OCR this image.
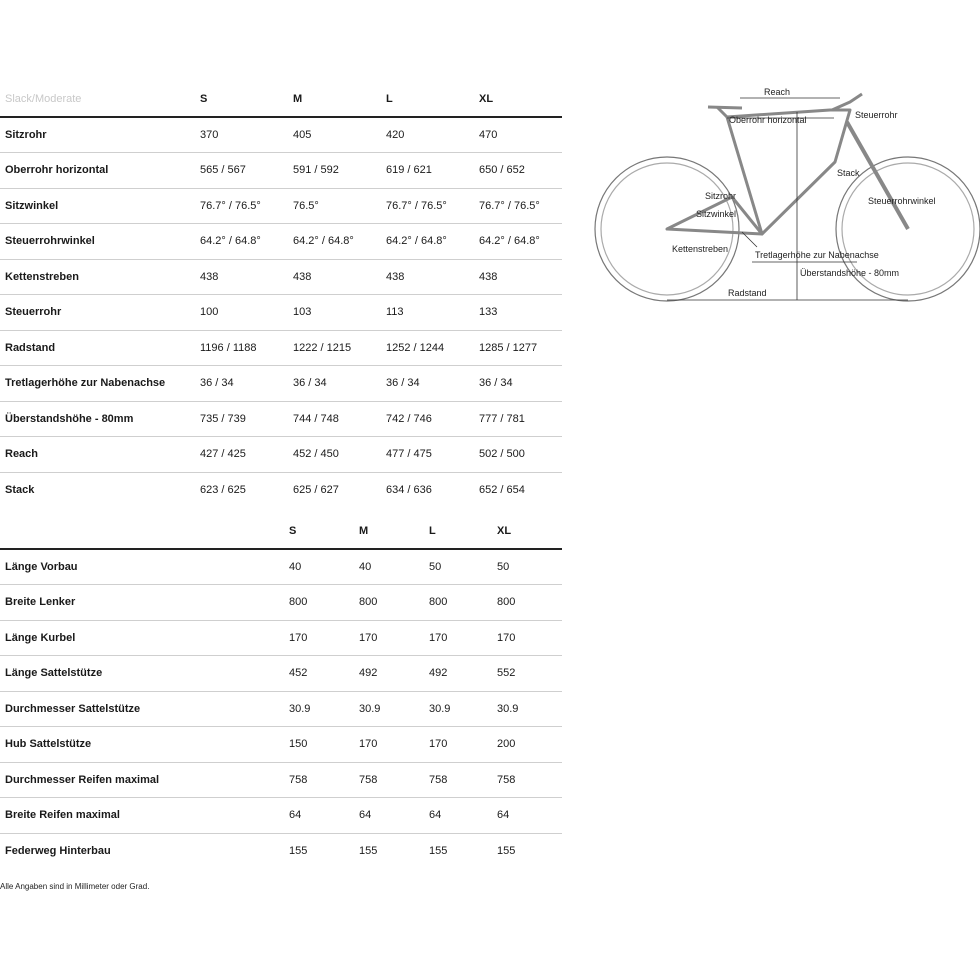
Slack/Moderate	S	M	L	XL
Sitzrohr	370	405	420	470
Oberrohr horizontal	565 / 567	591 / 592	619 / 621	650 / 652
Sitzwinkel	76.7° / 76.5°	76.5°	76.7° / 76.5°	76.7° / 76.5°
Steuerrohrwinkel	64.2° / 64.8°	64.2° / 64.8°	64.2° / 64.8°	64.2° / 64.8°
Kettenstreben	438	438	438	438
Steuerrohr	100	103	113	133
Radstand	1196 / 1188	1222 / 1215	1252 / 1244	1285 / 1277
Tretlagerhöhe zur Nabenachse	36 / 34	36 / 34	36 / 34	36 / 34
Überstandshöhe - 80mm	735 / 739	744 / 748	742 / 746	777 / 781
Reach	427 / 425	452 / 450	477 / 475	502 / 500
Stack	623 / 625	625 / 627	634 / 636	652 / 654
	S	M	L	XL
Länge Vorbau	40	40	50	50
Breite Lenker	800	800	800	800
Länge Kurbel	170	170	170	170
Länge Sattelstütze	452	492	492	552
Durchmesser Sattelstütze	30.9	30.9	30.9	30.9
Hub Sattelstütze	150	170	170	200
Durchmesser Reifen maximal	758	758	758	758
Breite Reifen maximal	64	64	64	64
Federweg Hinterbau	155	155	155	155
Alle Angaben sind in Millimeter oder Grad.
Reach
Steuerrohr
Oberrohr horizontal
Stack
Sitzrohr
Sitzwinkel
Steuerrohrwinkel
Kettenstreben
Tretlagerhöhe zur Nabenachse
Überstandshöhe - 80mm
Radstand
